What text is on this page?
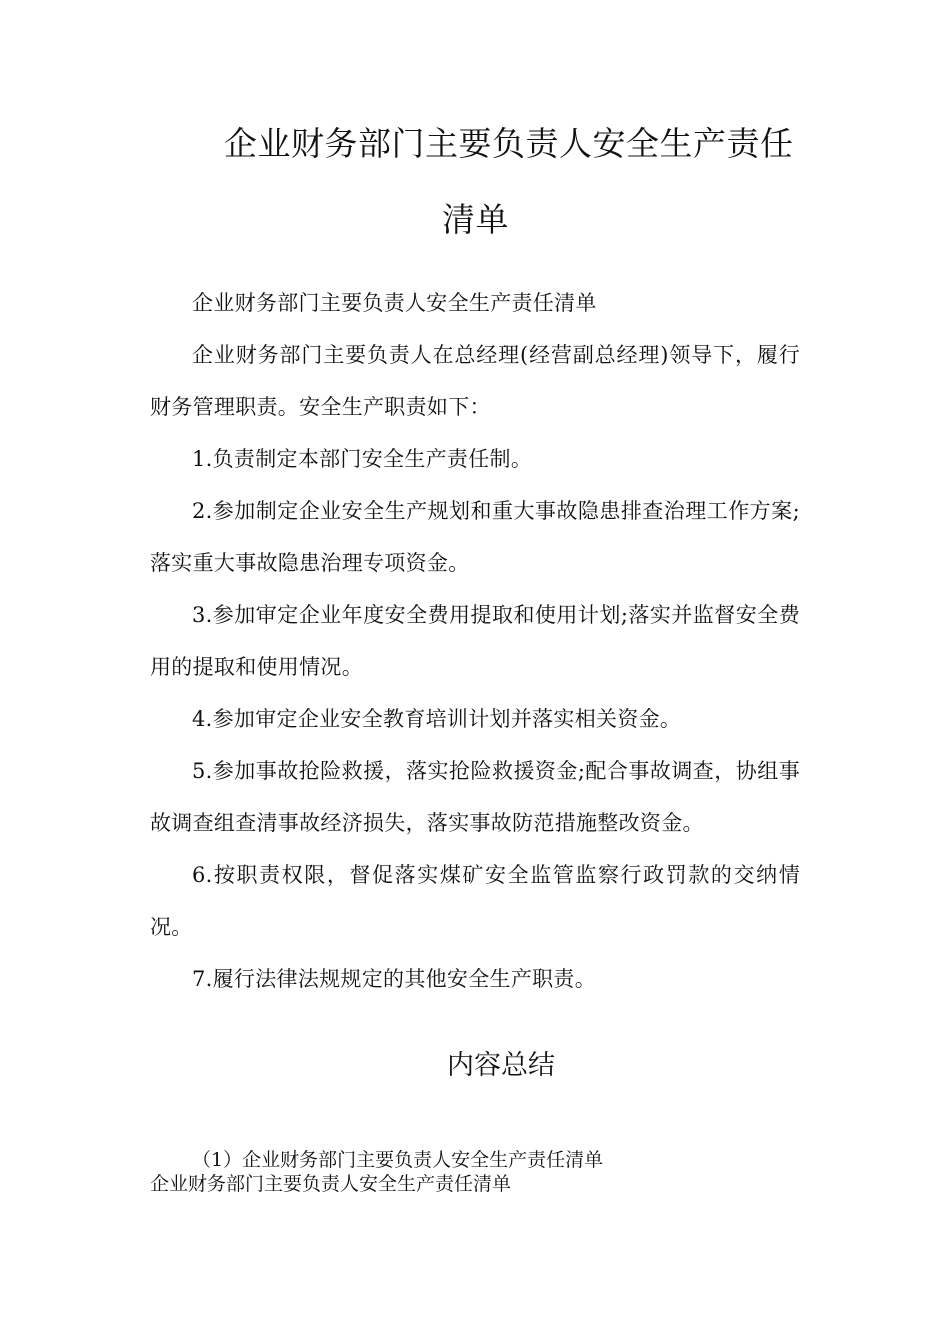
企业财务部门主要负责人安全生产责任
清单

企业财务部门主要负责人安全生产责任清单

企业财务部门主要负责人在总经理(经营副总经理)领导下，履行财务管理职责。安全生产职责如下：

1.负责制定本部门安全生产责任制。

2.参加制定企业安全生产规划和重大事故隐患排查治理工作方案;落实重大事故隐患治理专项资金。

3.参加审定企业年度安全费用提取和使用计划;落实并监督安全费用的提取和使用情况。

4.参加审定企业安全教育培训计划并落实相关资金。

5.参加事故抢险救援，落实抢险救援资金;配合事故调查，协组事故调查组查清事故经济损失，落实事故防范措施整改资金。

6.按职责权限，督促落实煤矿安全监管监察行政罚款的交纳情况。

7.履行法律法规规定的其他安全生产职责。

内容总结

（1）企业财务部门主要负责人安全生产责任清单

企业财务部门主要负责人安全生产责任清单
